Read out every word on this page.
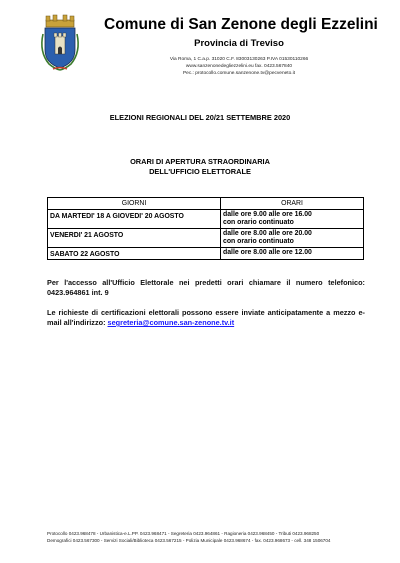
Comune di San Zenone degli Ezzelini
Provincia di Treviso
Via Roma, 1 C.a.p. 31020 C.F. 83003130263 P.IVA 01530110266
www.sanzenonedegliezzelini.eu fax. 0423.567840
Pec.: protocollo.comune.sanzenone.tv@pecveneto.it
ELEZIONI REGIONALI DEL 20/21 SETTEMBRE 2020
ORARI DI APERTURA STRAORDINARIA
DELL'UFFICIO ELETTORALE
GIORNI	ORARI
DA MARTEDI' 18 A GIOVEDI' 20 AGOSTO	dalle ore 9.00 alle ore 16.00
con orario continuato

VENERDI' 21 AGOSTO	dalle ore 8.00 alle ore 20.00
con orario continuato

SABATO 22 AGOSTO	dalle ore 8.00 alle ore 12.00
Per l'accesso all'Ufficio Elettorale nei predetti orari chiamare il numero telefonico: 0423.964861 int. 9
Le richieste di certificazioni elettorali possono essere inviate anticipatamente a mezzo e-mail all'indirizzo: segreteria@comune.san-zenone.tv.it
Protocollo 0423.968478 - Urbanistica-e.L.PP. 0423.968471 - Segreteria 0423.964861 - Ragioneria 0423.968450 - Tributi 0423.968250
Demografici 0423.567300 - Servizi Sociali/Biblioteca 0423.567215 - Polizia Municipale 0423.968674 - fax. 0423.968673 - cell. 348 1506704
